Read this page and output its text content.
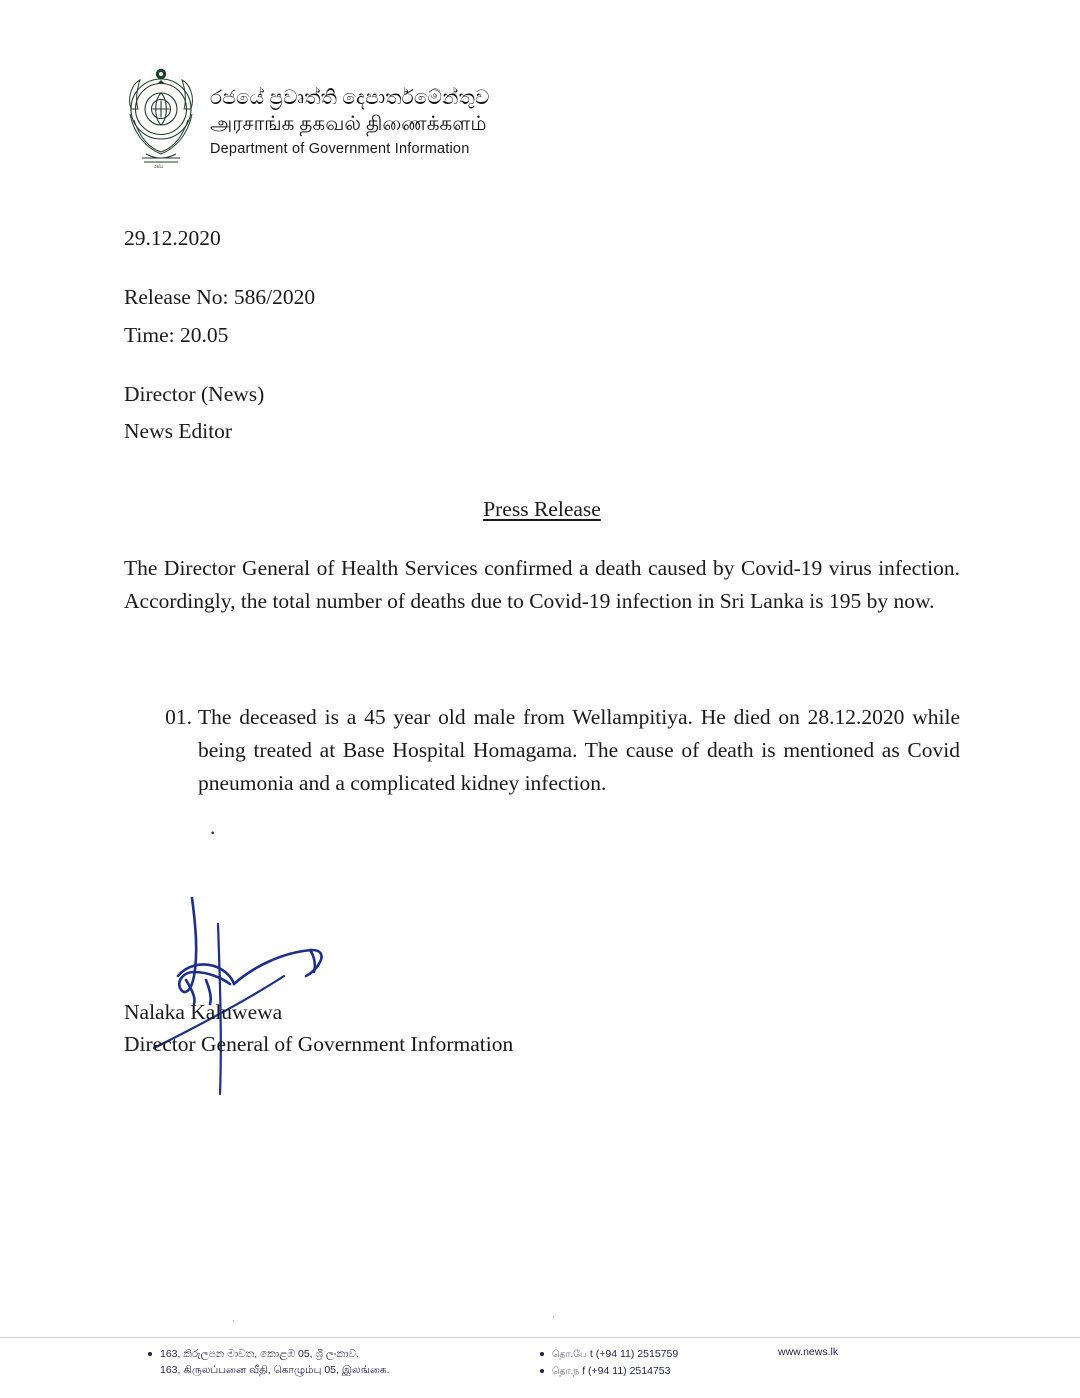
රජය
රජයේ ප්‍රවෘත්ති දෙපාර්තමේන්තුව
அரசாங்க தகவல் திணைக்களம்
Department of Government Information

29.12.2020

Release No: 586/2020

Time: 20.05

Director (News)

News Editor

Press Release

The Director General of Health Services confirmed a death caused by Covid-19 virus infection. Accordingly, the total number of deaths due to Covid-19 infection in Sri Lanka is 195 by now.

01. The deceased is a 45 year old male from Wellampitiya. He died on 28.12.2020 while being treated at Base Hospital Homagama. The cause of death is mentioned as Covid pneumonia and a complicated kidney infection.
.
Nalaka Kaluwewa
Director General of Government Information
·	·
163, කිරුලපන මාවත, කොළඹ 05, ශ්‍රී ලංකාව.
163, கிருலப்பனை வீதி, கொழும்பு 05, இலங்கை.
தொ.பே t (+94 11) 2515759
தொ.ந f (+94 11) 2514753
www.news.lk
